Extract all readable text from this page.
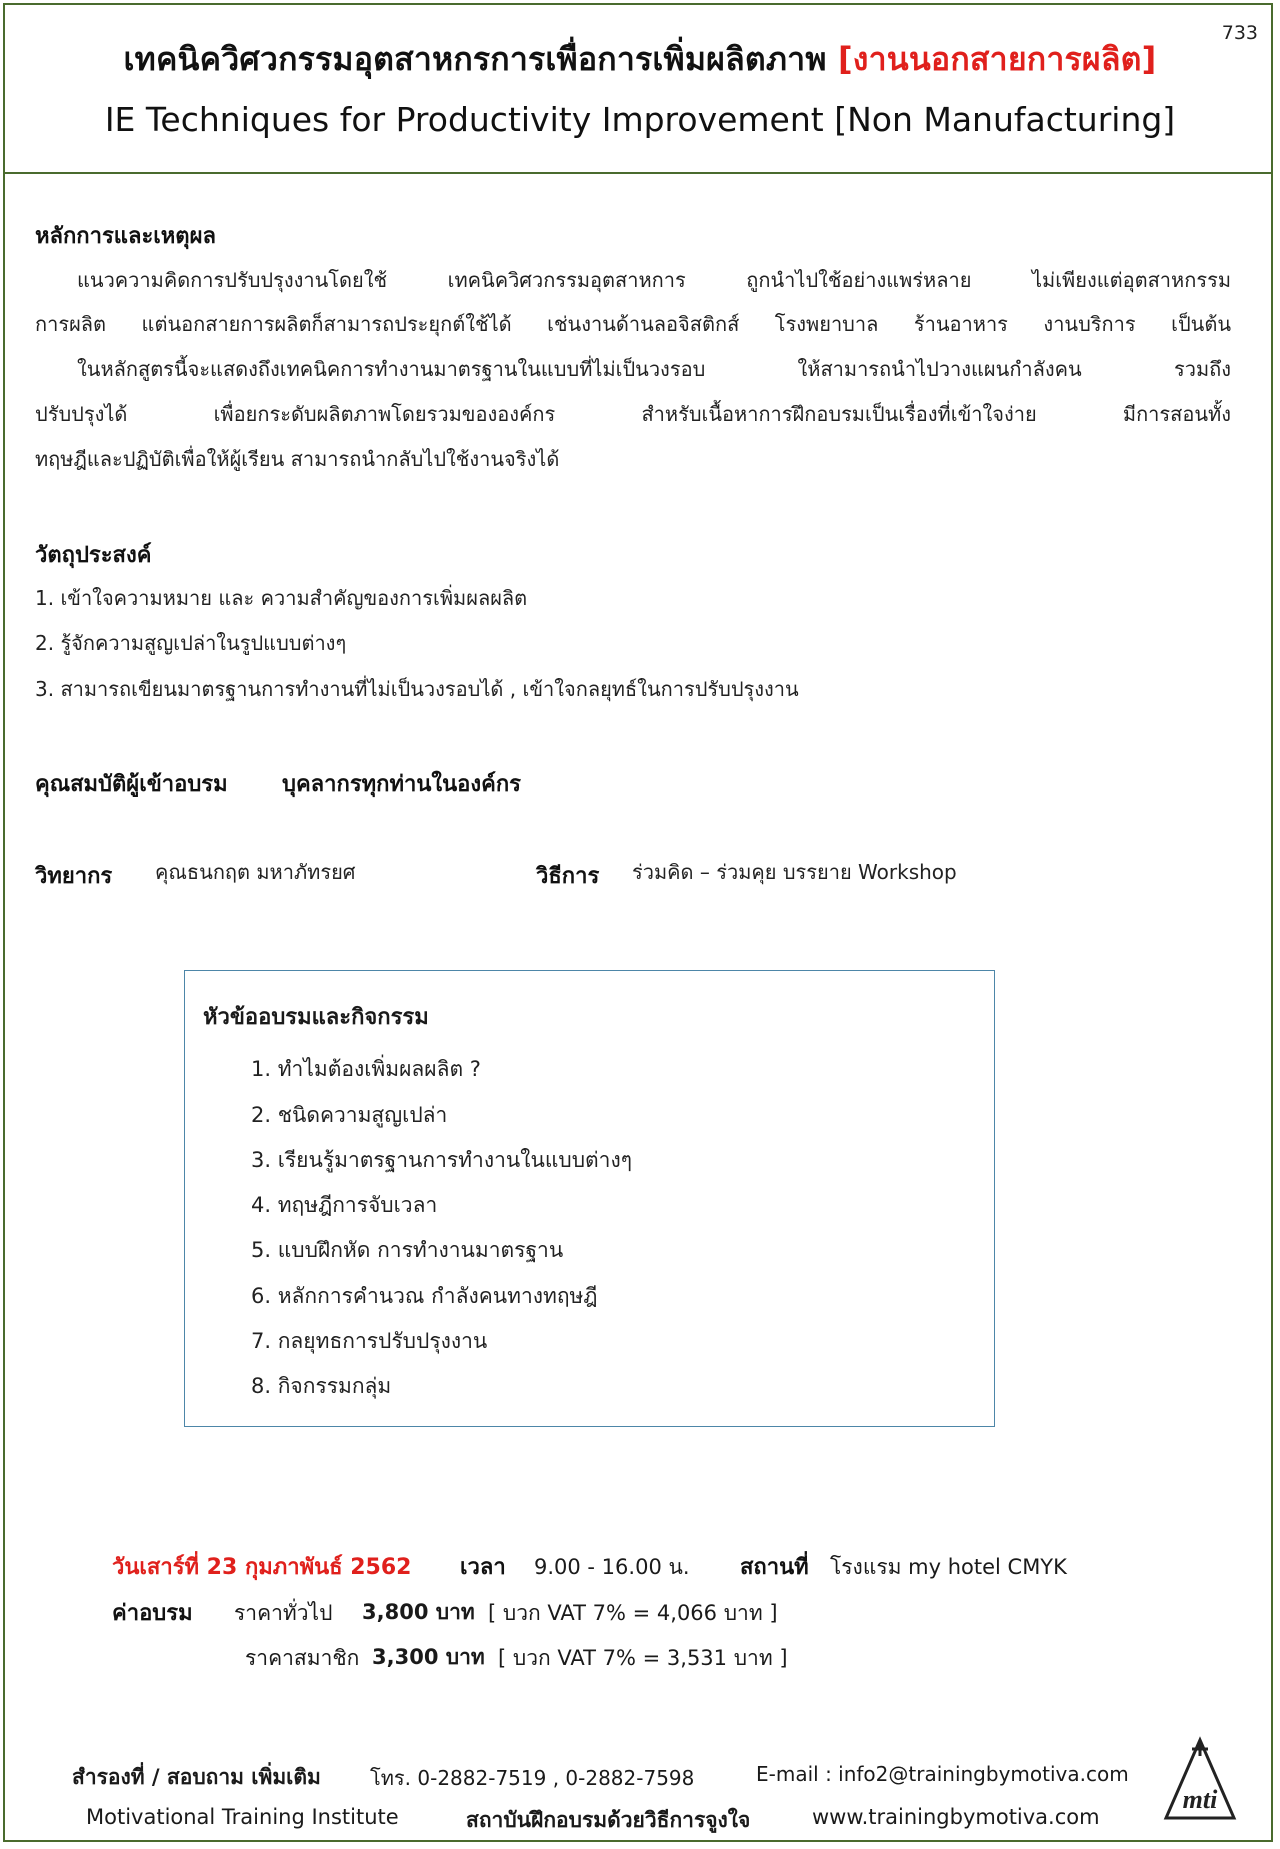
733
เทคนิควิศวกรรมอุตสาหกรการเพื่อการเพิ่มผลิตภาพ [งานนอกสายการผลิต]
IE Techniques for Productivity Improvement [Non Manufacturing]
หลักการและเหตุผล
แนวความคิดการปรับปรุงงานโดยใช้ เทคนิควิศวกรรมอุตสาหการ ถูกนำไปใช้อย่างแพร่หลาย ไม่เพียงแต่อุตสาหกรรม
การผลิต แต่นอกสายการผลิตก็สามารถประยุกต์ใช้ได้ เช่นงานด้านลอจิสติกส์ โรงพยาบาล ร้านอาหาร งานบริการ เป็นต้น
ในหลักสูตรนี้จะแสดงถึงเทคนิคการทำงานมาตรฐานในแบบที่ไม่เป็นวงรอบ ให้สามารถนำไปวางแผนกำลังคน รวมถึง
ปรับปรุงได้ เพื่อยกระดับผลิตภาพโดยรวมขององค์กร สำหรับเนื้อหาการฝึกอบรมเป็นเรื่องที่เข้าใจง่าย มีการสอนทั้ง
ทฤษฎีและปฏิบัติเพื่อให้ผู้เรียน สามารถนำกลับไปใช้งานจริงได้
วัตถุประสงค์
1. เข้าใจความหมาย และ ความสำคัญของการเพิ่มผลผลิต
2. รู้จักความสูญเปล่าในรูปแบบต่างๆ
3. สามารถเขียนมาตรฐานการทำงานที่ไม่เป็นวงรอบได้ , เข้าใจกลยุทธ์ในการปรับปรุงงาน
คุณสมบัติผู้เข้าอบรม บุคลากรทุกท่านในองค์กร
วิทยากร คุณธนกฤต มหาภัทรยศ	วิธีการ ร่วมคิด – ร่วมคุย บรรยาย Workshop
หัวข้ออบรมและกิจกรรม
1. ทำไมต้องเพิ่มผลผลิต ?
2. ชนิดความสูญเปล่า
3. เรียนรู้มาตรฐานการทำงานในแบบต่างๆ
4. ทฤษฎีการจับเวลา
5. แบบฝึกหัด การทำงานมาตรฐาน
6. หลักการคำนวณ กำลังคนทางทฤษฎี
7. กลยุทธการปรับปรุงงาน
8. กิจกรรมกลุ่ม
วันเสาร์ที่ 23 กุมภาพันธ์ 2562 เวลา 9.00 - 16.00 น. สถานที่ โรงแรม my hotel CMYK
ค่าอบรม ราคาทั่วไป 3,800 บาท [ บวก VAT 7% = 4,066 บาท ]
ราคาสมาชิก 3,300 บาท [ บวก VAT 7% = 3,531 บาท ]
สำรองที่ / สอบถาม เพิ่มเติม โทร. 0-2882-7519 , 0-2882-7598	E-mail : info2@trainingbymotiva.com
Motivational Training Institute	สถาบันฝึกอบรมด้วยวิธีการจูงใจ	www.trainingbymotiva.com
mti
